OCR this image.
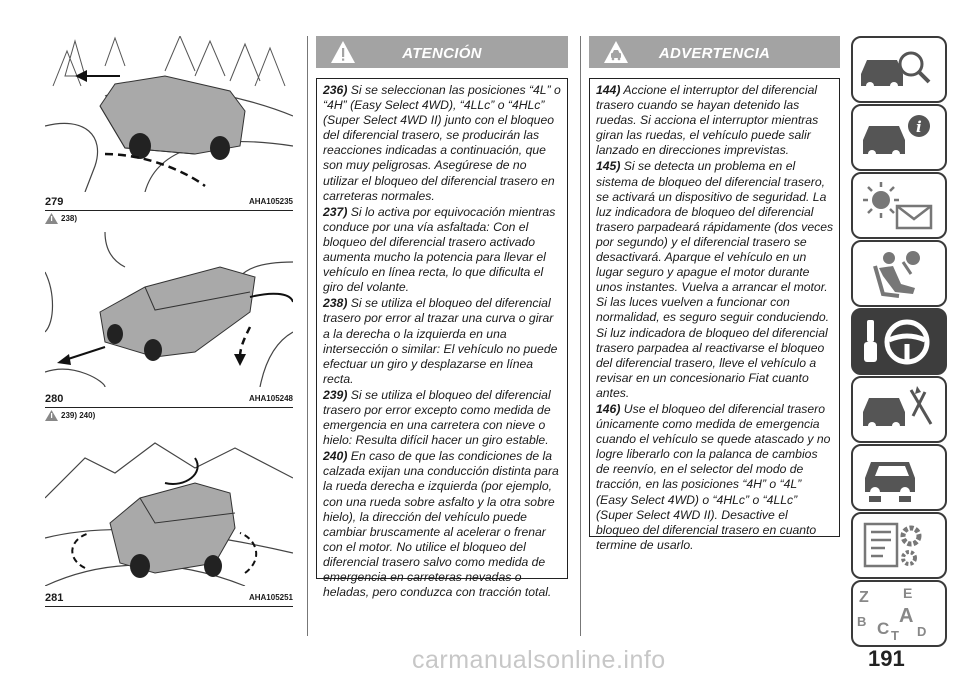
279	AHA105235
238)
280	AHA105248
239) 240)
281	AHA105251
ATENCIÓN

236) Si se seleccionan las posiciones “4L” o “4H” (Easy Select 4WD), “4LLc” o “4HLc” (Super Select 4WD II) junto con el bloqueo del diferencial trasero, se producirán las reacciones indicadas a continuación, que son muy peligrosas. Asegúrese de no utilizar el bloqueo del diferencial trasero en carreteras normales.

237) Si lo activa por equivocación mientras conduce por una vía asfaltada: Con el bloqueo del diferencial trasero activado aumenta mucho la potencia para llevar el vehículo en línea recta, lo que dificulta el giro del volante.

238) Si se utiliza el bloqueo del diferencial trasero por error al trazar una curva o girar a la derecha o la izquierda en una intersección o similar: El vehículo no puede efectuar un giro y desplazarse en línea recta.

239) Si se utiliza el bloqueo del diferencial trasero por error excepto como medida de emergencia en una carretera con nieve o hielo: Resulta difícil hacer un giro estable.

240) En caso de que las condiciones de la calzada exijan una conducción distinta para la rueda derecha e izquierda (por ejemplo, con una rueda sobre asfalto y la otra sobre hielo), la dirección del vehículo puede cambiar bruscamente al acelerar o frenar con el motor. No utilice el bloqueo del diferencial trasero salvo como medida de emergencia en carreteras nevadas o heladas, pero conduzca con tracción total.

ADVERTENCIA

144) Accione el interruptor del diferencial trasero cuando se hayan detenido las ruedas. Si acciona el interruptor mientras giran las ruedas, el vehículo puede salir lanzado en direcciones imprevistas.

145) Si se detecta un problema en el sistema de bloqueo del diferencial trasero, se activará un dispositivo de seguridad. La luz indicadora de bloqueo del diferencial trasero parpadeará rápidamente (dos veces por segundo) y el diferencial trasero se desactivará. Aparque el vehículo en un lugar seguro y apague el motor durante unos instantes. Vuelva a arrancar el motor. Si las luces vuelven a funcionar con normalidad, es seguro seguir conduciendo. Si luz indicadora de bloqueo del diferencial trasero parpadea al reactivarse el bloqueo del diferencial trasero, lleve el vehículo a revisar en un concesionario Fiat cuanto antes.

146) Use el bloqueo del diferencial trasero únicamente como medida de emergencia cuando el vehículo se quede atascado y no logre liberarlo con la palanca de cambios de reenvío, en el selector del modo de tracción, en las posiciones “4H” o “4L” (Easy Select 4WD) o “4HLc” o “4LLc” (Super Select 4WD II). Desactive el bloqueo del diferencial trasero en cuanto termine de usarlo.

i
Z E
B A
C T D
191
carmanualsonline.info
